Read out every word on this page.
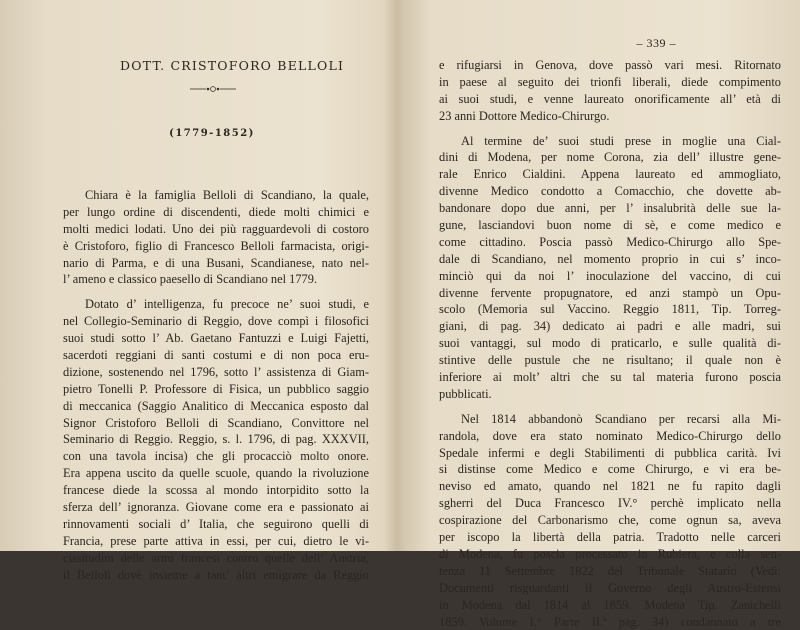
DOTT. CRISTOFORO BELLOLI
(1779-1852)
Chiara è la famiglia Belloli di Scandiano, la quale,
per lungo ordine di discendenti, diede molti chimici e
molti medici lodati. Uno dei più ragguardevoli di costoro
è Cristoforo, figlio di Francesco Belloli farmacista, origi-
nario di Parma, e di una Busani, Scandianese, nato nel-
l’ ameno e classico paesello di Scandiano nel 1779.
Dotato d’ intelligenza, fu precoce ne’ suoi studi, e
nel Collegio-Seminario di Reggio, dove compì i filosofici
suoi studi sotto l’ Ab. Gaetano Fantuzzi e Luigi Fajetti,
sacerdoti reggiani di santi costumi e di non poca eru-
dizione, sostenendo nel 1796, sotto l’ assistenza di Giam-
pietro Tonelli P. Professore di Fisica, un pubblico saggio
di meccanica (Saggio Analitico di Meccanica esposto dal
Signor Cristoforo Belloli di Scandiano, Convittore nel
Seminario di Reggio. Reggio, s. l. 1796, di pag. XXXVII,
con una tavola incisa) che gli procacciò molto onore.
Era appena uscito da quelle scuole, quando la rivoluzione
francese diede la scossa al mondo intorpidito sotto la
sferza dell’ ignoranza. Giovane come era e passionato ai
rinnovamenti sociali d’ Italia, che seguirono quelli di
Francia, prese parte attiva in essi, per cui, dietro le vi-
cissitudini delle armi francesi contro quelle dell’ Austria,
il Belloli dovè insieme a tant’ altri emigrare da Reggio
– 339 –
e rifugiarsi in Genova, dove passò vari mesi. Ritornato
in paese al seguito dei trionfi liberali, diede compimento
ai suoi studi, e venne laureato onorificamente all’ età di
23 anni Dottore Medico-Chirurgo.
Al termine de’ suoi studi prese in moglie una Cial-
dini di Modena, per nome Corona, zia dell’ illustre gene-
rale Enrico Cialdini. Appena laureato ed ammogliato,
divenne Medico condotto a Comacchio, che dovette ab-
bandonare dopo due anni, per l’ insalubrità delle sue la-
gune, lasciandovi buon nome di sè, e come medico e
come cittadino. Poscia passò Medico-Chirurgo allo Spe-
dale di Scandiano, nel momento proprio in cui s’ inco-
minciò qui da noi l’ inoculazione del vaccino, di cui
divenne fervente propugnatore, ed anzi stampò un Opu-
scolo (Memoria sul Vaccino. Reggio 1811, Tip. Torreg-
giani, di pag. 34) dedicato ai padri e alle madri, sui
suoi vantaggi, sul modo di praticarlo, e sulle qualità di-
stintive delle pustule che ne risultano; il quale non è
inferiore ai molt’ altri che su tal materia furono poscia
pubblicati.
Nel 1814 abbandonò Scandiano per recarsi alla Mi-
randola, dove era stato nominato Medico-Chirurgo dello
Spedale infermi e degli Stabilimenti di pubblica carità. Ivi
si distinse come Medico e come Chirurgo, e vi era be-
neviso ed amato, quando nel 1821 ne fu rapito dagli
sgherri del Duca Francesco IV.° perchè implicato nella
cospirazione del Carbonarismo che, come ognun sa, aveva
per iscopo la libertà della patria. Tradotto nelle carceri
di Modena, fu poscia processato in Rubiera, e colla sen-
tenza 11 Settembre 1822 del Tribunale Statario (Vedi:
Documenti risguardanti il Governo degli Austro-Estensi
in Modena dal 1814 al 1859. Modena Tip. Zanichelli
1859. Volume I.° Parte II.ª pag. 34) condannato a tre
